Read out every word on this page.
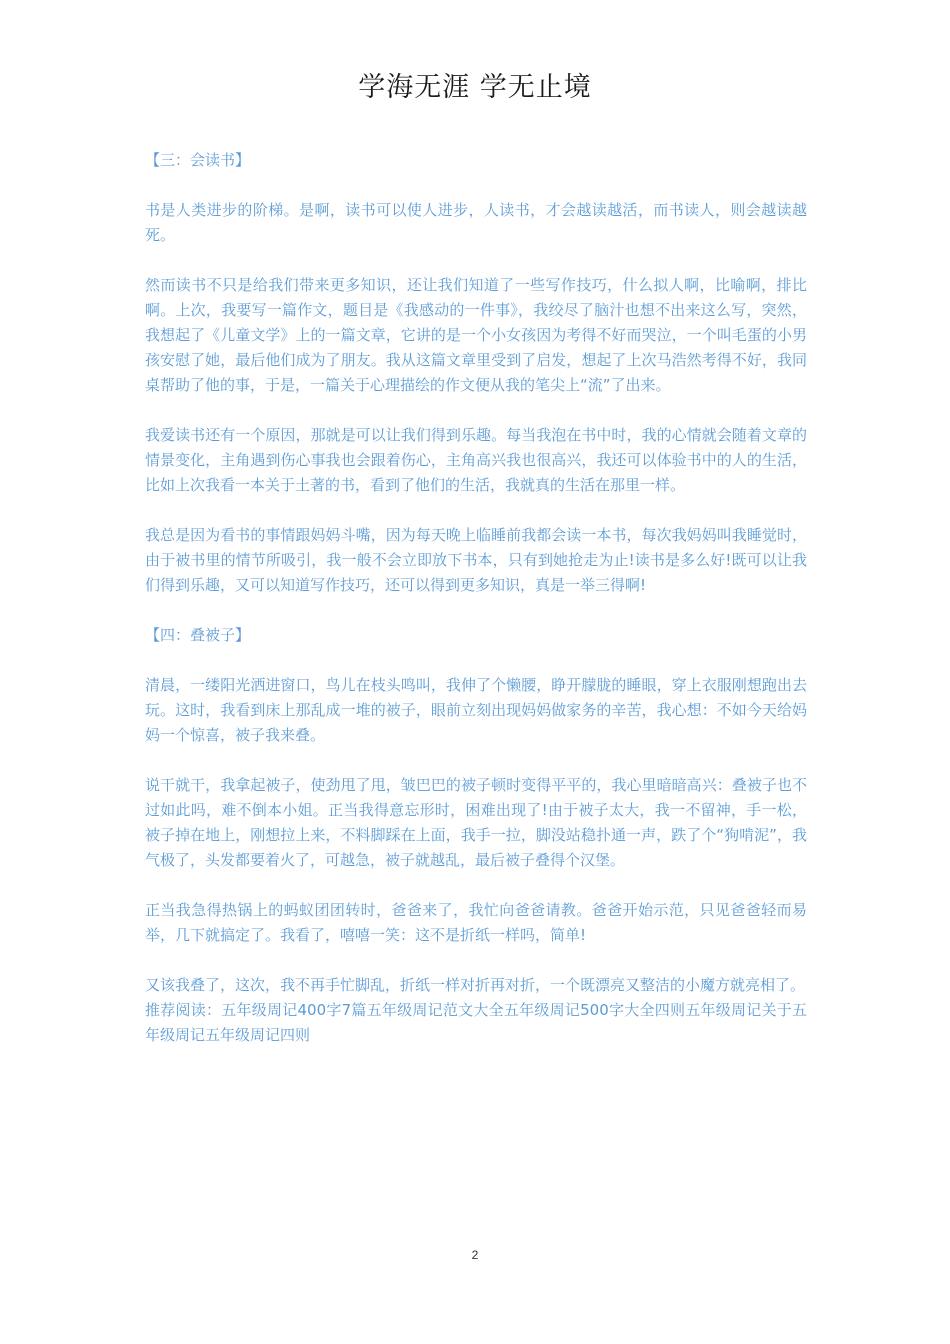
学海无涯 学无止境

【三：会读书】

书是人类进步的阶梯。是啊，读书可以使人进步，人读书，才会越读越活，而书读人，则会越读越死。

然而读书不只是给我们带来更多知识，还让我们知道了一些写作技巧，什么拟人啊，比喻啊，排比啊。上次，我要写一篇作文，题目是《我感动的一件事》，我绞尽了脑汁也想不出来这么写，突然，我想起了《儿童文学》上的一篇文章，它讲的是一个小女孩因为考得不好而哭泣，一个叫毛蛋的小男孩安慰了她，最后他们成为了朋友。我从这篇文章里受到了启发，想起了上次马浩然考得不好，我同桌帮助了他的事，于是，一篇关于心理描绘的作文便从我的笔尖上“流”了出来。

我爱读书还有一个原因，那就是可以让我们得到乐趣。每当我泡在书中时，我的心情就会随着文章的情景变化，主角遇到伤心事我也会跟着伤心，主角高兴我也很高兴，我还可以体验书中的人的生活，比如上次我看一本关于土著的书，看到了他们的生活，我就真的生活在那里一样。

我总是因为看书的事情跟妈妈斗嘴，因为每天晚上临睡前我都会读一本书，每次我妈妈叫我睡觉时，由于被书里的情节所吸引，我一般不会立即放下书本，只有到她抢走为止!读书是多么好!既可以让我们得到乐趣，又可以知道写作技巧，还可以得到更多知识，真是一举三得啊!

【四：叠被子】

清晨，一缕阳光洒进窗口，鸟儿在枝头鸣叫，我伸了个懒腰，睁开朦胧的睡眼，穿上衣服刚想跑出去玩。这时，我看到床上那乱成一堆的被子，眼前立刻出现妈妈做家务的辛苦，我心想：不如今天给妈妈一个惊喜，被子我来叠。

说干就干，我拿起被子，使劲甩了甩，皱巴巴的被子顿时变得平平的，我心里暗暗高兴：叠被子也不过如此吗，难不倒本小姐。正当我得意忘形时，困难出现了!由于被子太大，我一不留神，手一松，被子掉在地上，刚想拉上来，不料脚踩在上面，我手一拉，脚没站稳扑通一声，跌了个“狗啃泥”，我气极了，头发都要着火了，可越急，被子就越乱，最后被子叠得个汉堡。

正当我急得热锅上的蚂蚁团团转时，爸爸来了，我忙向爸爸请教。爸爸开始示范，只见爸爸轻而易举，几下就搞定了。我看了，嘻嘻一笑：这不是折纸一样吗，简单!

又该我叠了，这次，我不再手忙脚乱，折纸一样对折再对折，一个既漂亮又整洁的小魔方就亮相了。

推荐阅读：五年级周记400字7篇五年级周记范文大全五年级周记500字大全四则五年级周记关于五年级周记五年级周记四则

2
